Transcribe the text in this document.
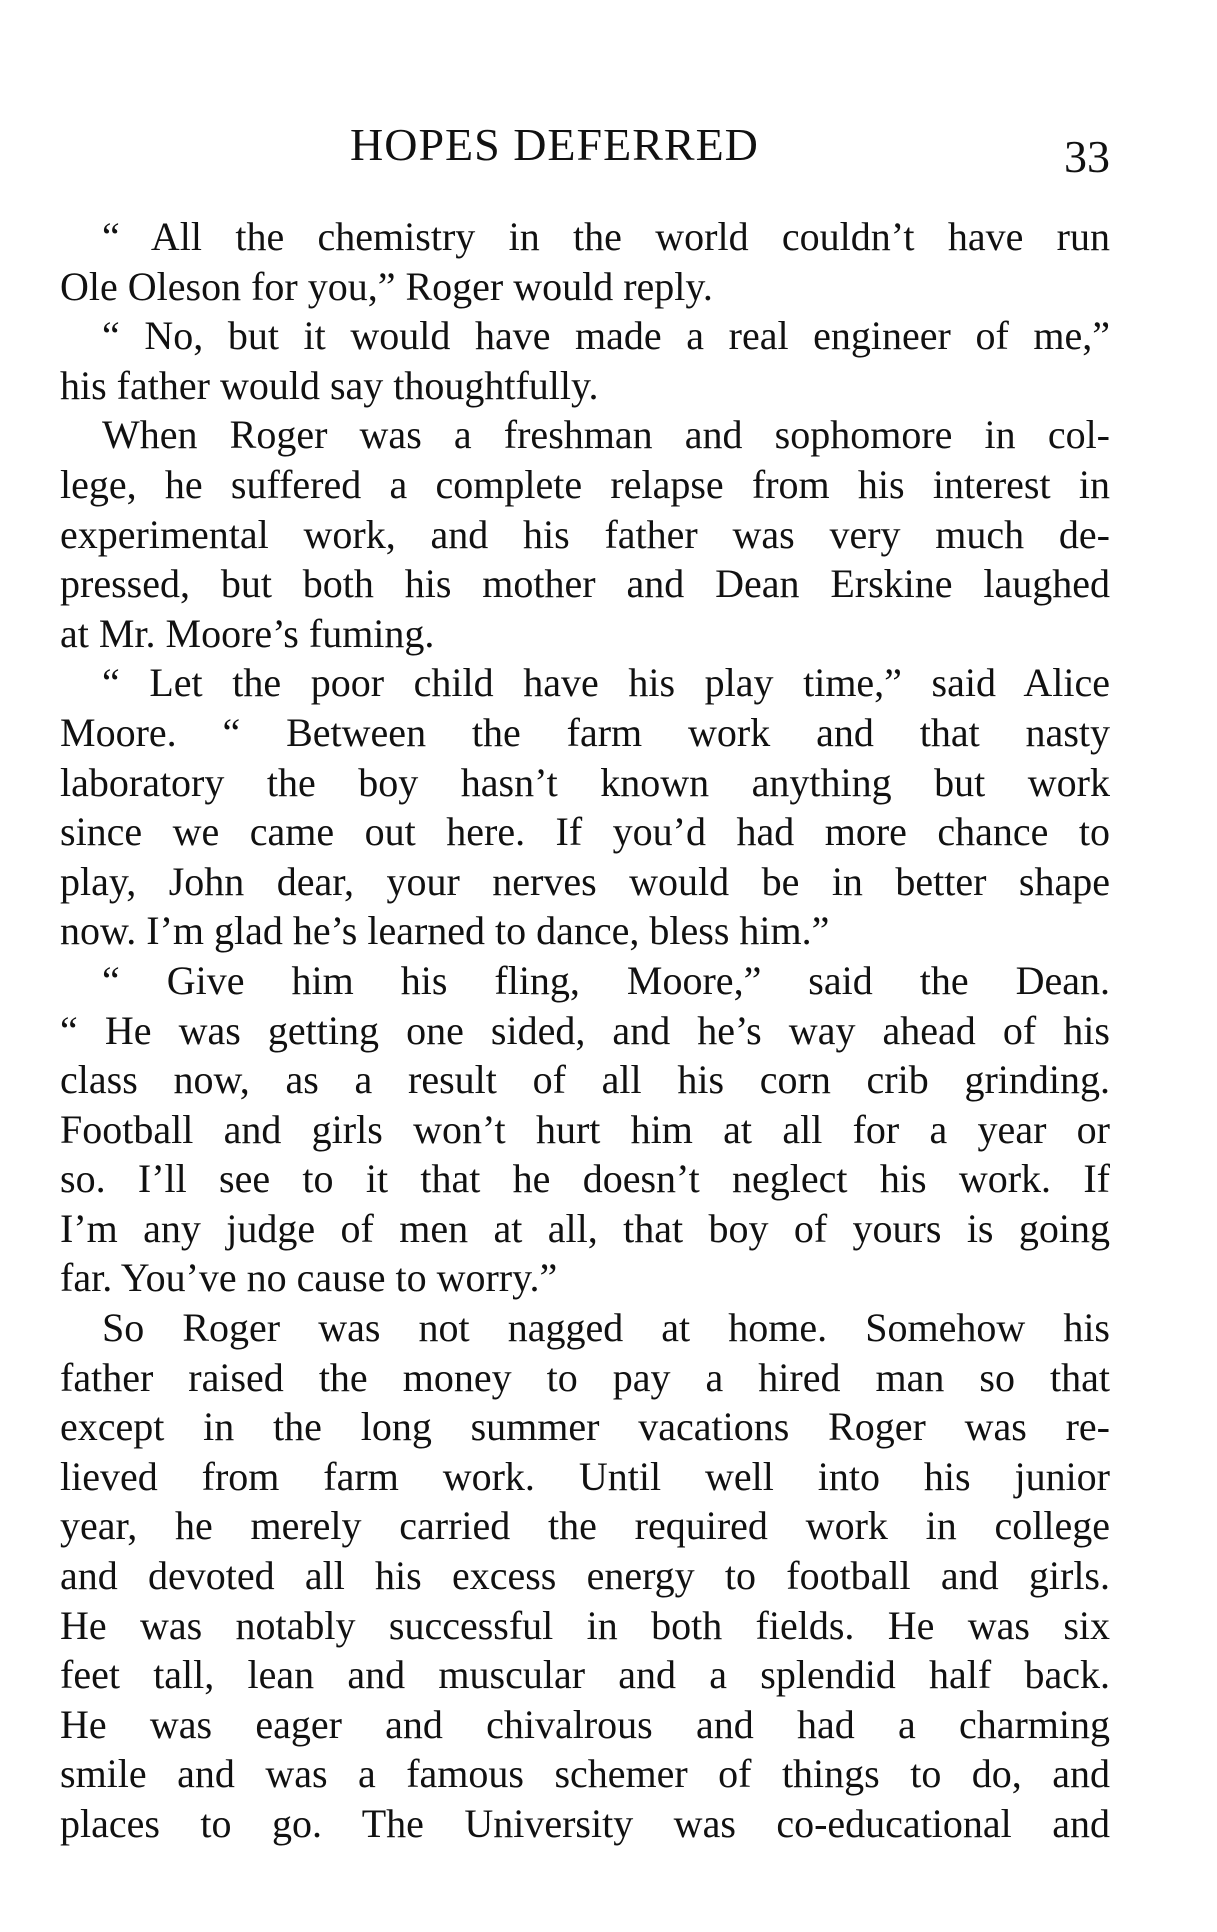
HOPES DEFERRED	33
“ All the chemistry in the world couldn’t have run
Ole Oleson for you,” Roger would reply.
“ No, but it would have made a real engineer of me,”
his father would say thoughtfully.
When Roger was a freshman and sophomore in col-
lege, he suffered a complete relapse from his interest in
experimental work, and his father was very much de-
pressed, but both his mother and Dean Erskine laughed
at Mr. Moore’s fuming.
“ Let the poor child have his play time,” said Alice
Moore. “ Between the farm work and that nasty
laboratory the boy hasn’t known anything but work
since we came out here. If you’d had more chance to
play, John dear, your nerves would be in better shape
now. I’m glad he’s learned to dance, bless him.”
“ Give him his fling, Moore,” said the Dean.
“ He was getting one sided, and he’s way ahead of his
class now, as a result of all his corn crib grinding.
Football and girls won’t hurt him at all for a year or
so. I’ll see to it that he doesn’t neglect his work. If
I’m any judge of men at all, that boy of yours is going
far. You’ve no cause to worry.”
So Roger was not nagged at home. Somehow his
father raised the money to pay a hired man so that
except in the long summer vacations Roger was re-
lieved from farm work. Until well into his junior
year, he merely carried the required work in college
and devoted all his excess energy to football and girls.
He was notably successful in both fields. He was six
feet tall, lean and muscular and a splendid half back.
He was eager and chivalrous and had a charming
smile and was a famous schemer of things to do, and
places to go. The University was co-educational and
